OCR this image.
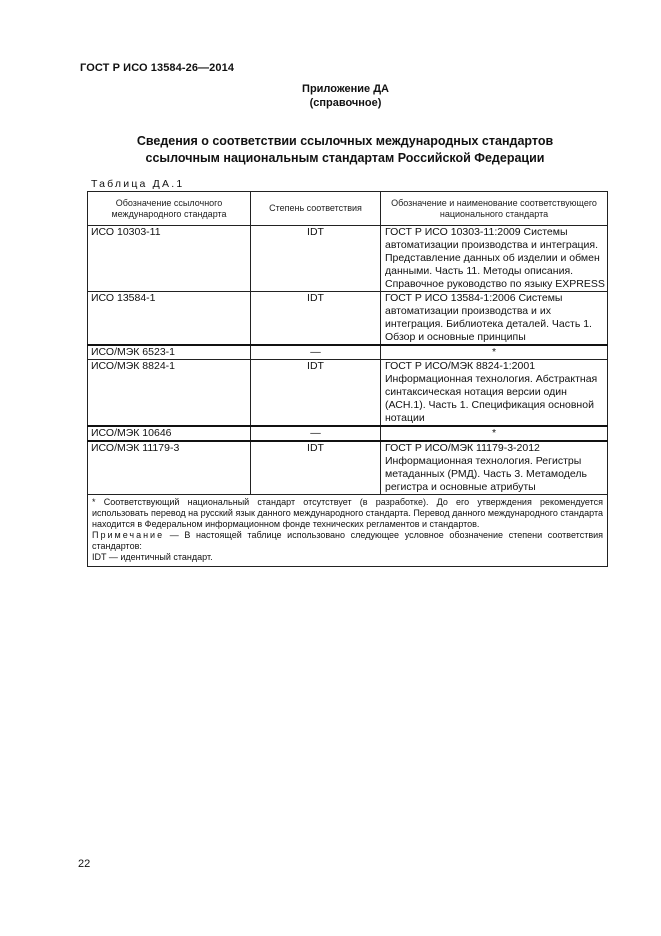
ГОСТ Р ИСО 13584-26—2014
Приложение ДА
(справочное)
Сведения о соответствии ссылочных международных стандартов
ссылочным национальным стандартам Российской Федерации
Таблица ДА.1
Обозначение ссылочного международного стандарта	Степень соответствия	Обозначение и наименование соответствующего национального стандарта
ИСО 10303-11	IDT	ГОСТ Р ИСО 10303-11:2009 Системы автоматизации производства и интеграция. Представление данных об изделии и обмен данными. Часть 11. Методы описания. Справочное руководство по языку EXPRESS
ИСО 13584-1	IDT	ГОСТ Р ИСО 13584-1:2006 Системы автоматизации производства и их интеграция. Библиотека деталей. Часть 1. Обзор и основные принципы
ИСО/МЭК 6523-1	—	*
ИСО/МЭК 8824-1	IDT	ГОСТ Р ИСО/МЭК 8824-1:2001 Информационная технология. Абстрактная синтаксическая нотация версии один (АСН.1). Часть 1. Спецификация основной нотации
ИСО/МЭК 10646	—	*
ИСО/МЭК 11179-3	IDT	ГОСТ Р ИСО/МЭК 11179-3-2012 Информационная технология. Регистры метаданных (РМД). Часть 3. Метамодель регистра и основные атрибуты

* Соответствующий национальный стандарт отсутствует (в разработке). До его утверждения рекомендуется использовать перевод на русский язык данного международного стандарта. Перевод данного международного стандарта находится в Федеральном информационном фонде технических регламентов и стандартов.

Примечание — В настоящей таблице использовано следующее условное обозначение степени соответствия стандартов:

IDT — идентичный стандарт.		

22
